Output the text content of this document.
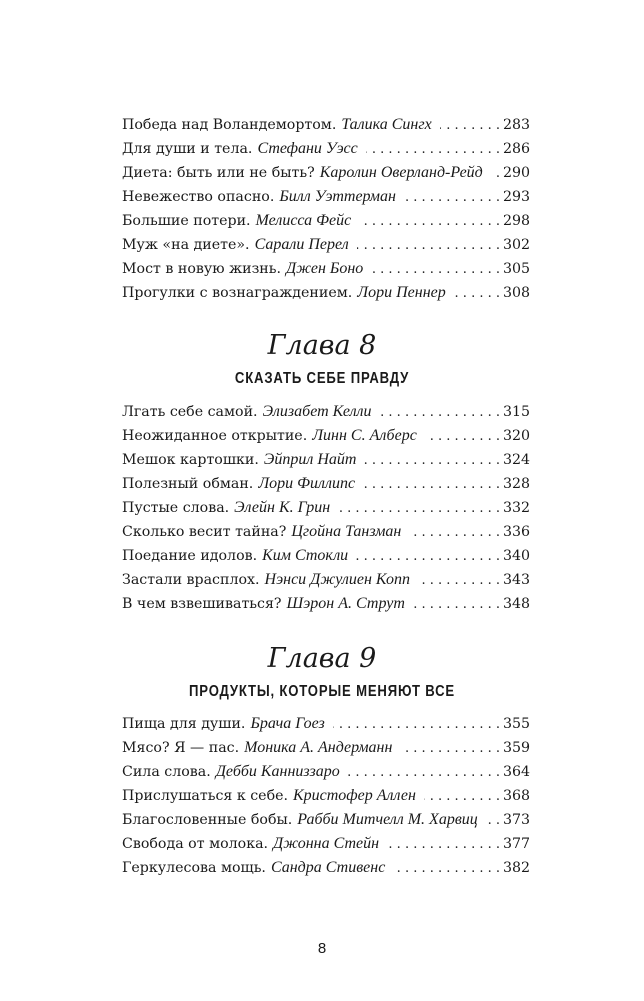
Победа над Воландемортом. Талика Сингх . . .	283
Для души и тела. Стефани Уэсс . . .	286
Диета: быть или не быть? Каролин Оверланд-Рейд . . . 290
Невежество опасно. Билл Уэттерман . . .	293
Большие потери. Мелисса Фейс . . .	298
Муж «на диете». Сарали Перел . . .	302
Мост в новую жизнь. Джен Боно . . .	305
Прогулки с вознаграждением. Лори Пеннер . . .	308
Глава 8
СКАЗАТЬ СЕБЕ ПРАВДУ
Лгать себе самой. Элизабет Келли . . .	315
Неожиданное открытие. Линн С. Алберс . . .	320
Мешок картошки. Эйприл Найт . . .	324
Полезный обман. Лори Филлипс . . .	328
Пустые слова. Элейн К. Грин . . .	332
Сколько весит тайна? Цгойна Танзман . . .	336
Поедание идолов. Ким Стокли . . .	340
Застали врасплох. Нэнси Джулиен Копп . . .	343
В чем взвешиваться? Шэрон А. Струт . . .	348
Глава 9
ПРОДУКТЫ, КОТОРЫЕ МЕНЯЮТ ВСЕ
Пища для души. Брача Гоез . . .	355
Мясо? Я — пас. Моника А. Андерманн . . .	359
Сила слова. Дебби Канниззаро . . .	364
Прислушаться к себе. Кристофер Аллен . . .	368
Благословенные бобы. Рабби Митчелл М. Харвиц . . . 373
Свобода от молока. Джонна Стейн . . .	377
Геркулесова мощь. Сандра Стивенс . . .	382
8
